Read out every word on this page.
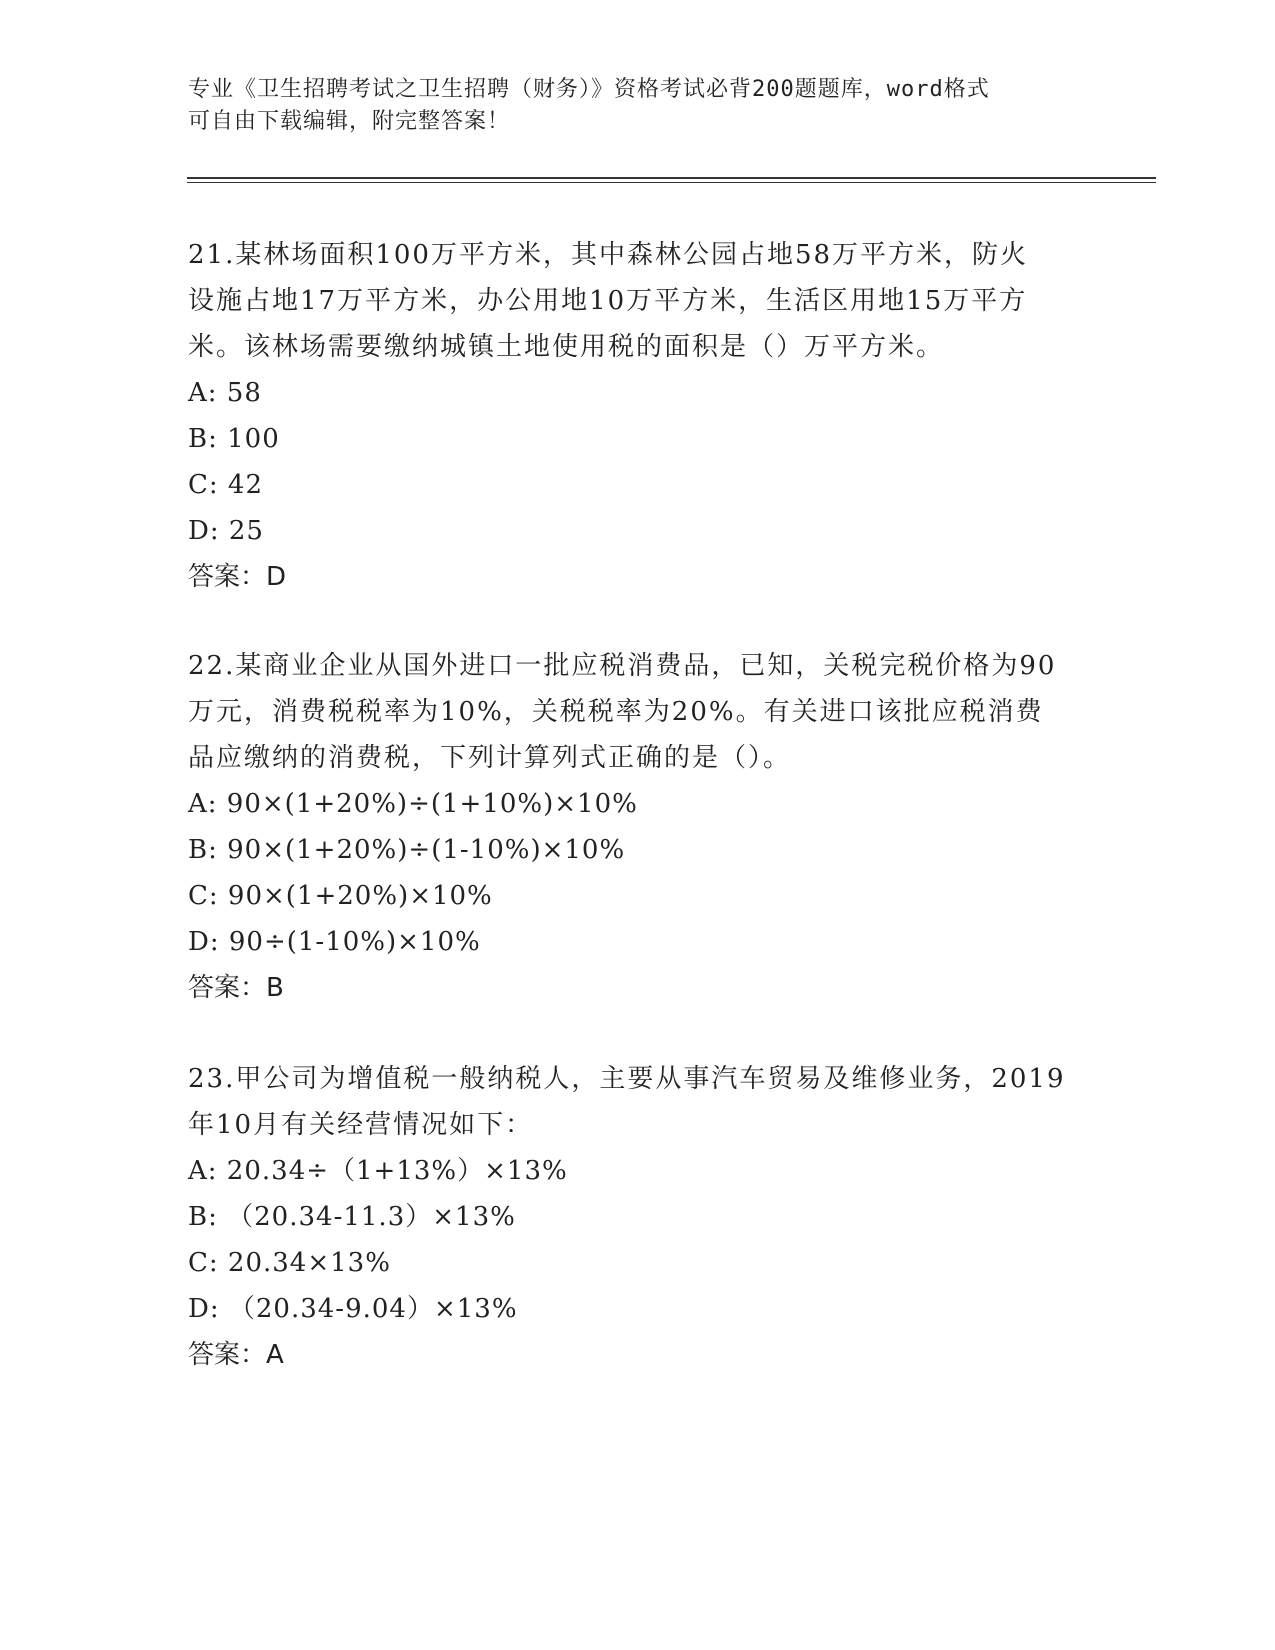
专业《卫生招聘考试之卫生招聘（财务）》资格考试必背200题题库，word格式
可自由下载编辑，附完整答案！
21.某林场面积100万平方米，其中森林公园占地58万平方米，防火
设施占地17万平方米，办公用地10万平方米，生活区用地15万平方
米。该林场需要缴纳城镇土地使用税的面积是（）万平方米。
A: 58
B: 100
C: 42
D: 25
答案：D
22.某商业企业从国外进口一批应税消费品，已知，关税完税价格为90
万元，消费税税率为10%，关税税率为20%。有关进口该批应税消费
品应缴纳的消费税，下列计算列式正确的是（）。
A: 90×(1+20%)÷(1+10%)×10%
B: 90×(1+20%)÷(1-10%)×10%
C: 90×(1+20%)×10%
D: 90÷(1-10%)×10%
答案：B
23.甲公司为增值税一般纳税人，主要从事汽车贸易及维修业务，2019
年10月有关经营情况如下：
A: 20.34÷（1+13%）×13%
B: （20.34-11.3）×13%
C: 20.34×13%
D: （20.34-9.04）×13%
答案：A
